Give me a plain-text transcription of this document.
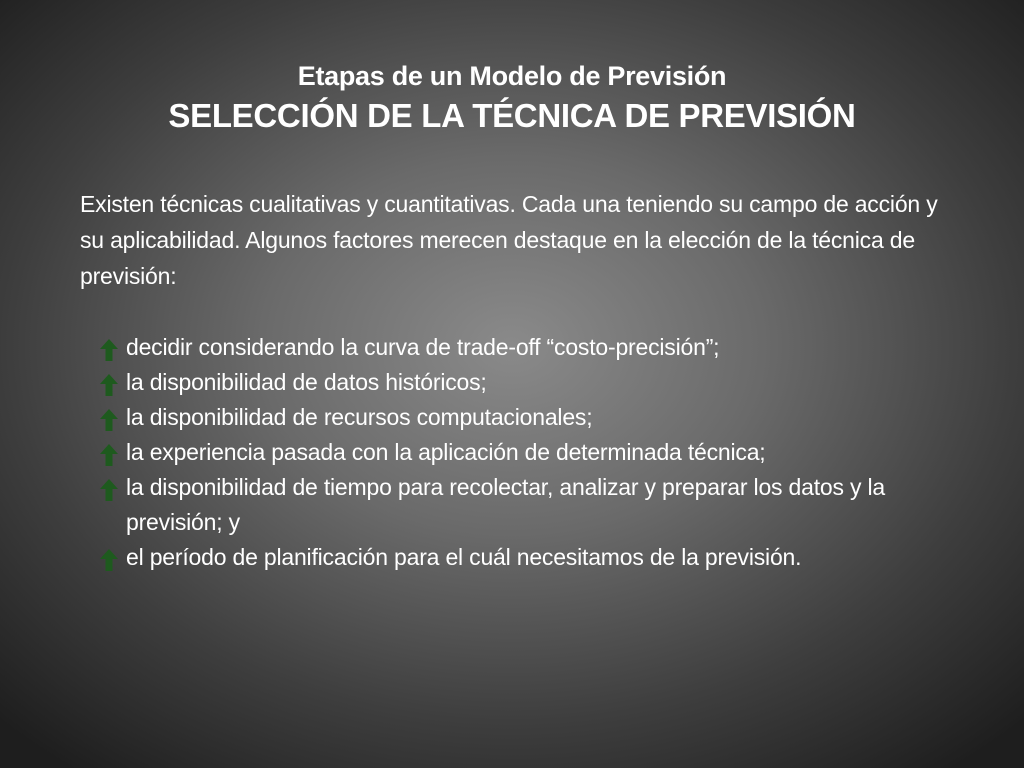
Etapas de un Modelo de Previsión
SELECCIÓN DE LA TÉCNICA DE PREVISIÓN
Existen técnicas cualitativas y cuantitativas. Cada una teniendo su campo de acción y su aplicabilidad. Algunos factores merecen destaque en la elección de la técnica de previsión:
decidir considerando la curva de trade-off “costo-precisión”;
la disponibilidad de datos históricos;
la disponibilidad de recursos computacionales;
la experiencia pasada con la aplicación de determinada técnica;
la disponibilidad de tiempo para recolectar, analizar y preparar los datos y la previsión; y
el período de planificación para el cuál necesitamos de la previsión.
